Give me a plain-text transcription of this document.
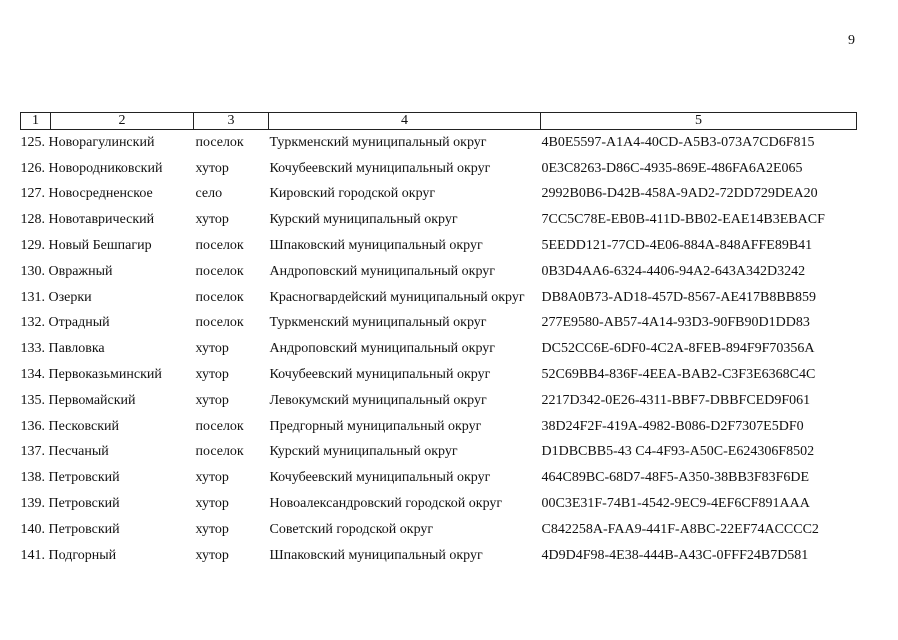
9
1	2	3	4	5
125. Новорагулинский		поселок	Туркменский муниципальный округ	4B0E5597-A1A4-40CD-A5B3-073A7CD6F815
126. Новородниковский		хутор	Кочубеевский муниципальный округ	0E3C8263-D86C-4935-869E-486FA6A2E065
127. Новосредненское		село	Кировский городской округ	2992B0B6-D42B-458A-9AD2-72DD729DEA20
128. Новотаврический		хутор	Курский муниципальный округ	7CC5C78E-EB0B-411D-BB02-EAE14B3EBACF
129. Новый Бешпагир		поселок	Шпаковский муниципальный округ	5EEDD121-77CD-4E06-884A-848AFFE89B41
130. Овражный		поселок	Андроповский муниципальный округ	0B3D4AA6-6324-4406-94A2-643A342D3242
131. Озерки		поселок	Красногвардейский муниципальный округ	DB8A0B73-AD18-457D-8567-AE417B8BB859
132. Отрадный		поселок	Туркменский муниципальный округ	277E9580-AB57-4A14-93D3-90FB90D1DD83
133. Павловка		хутор	Андроповский муниципальный округ	DC52CC6E-6DF0-4C2A-8FEB-894F9F70356A
134. Первоказьминский		хутор	Кочубеевский муниципальный округ	52C69BB4-836F-4EEA-BAB2-C3F3E6368C4C
135. Первомайский		хутор	Левокумский муниципальный округ	2217D342-0E26-4311-BBF7-DBBFCED9F061
136. Песковский		поселок	Предгорный муниципальный округ	38D24F2F-419A-4982-B086-D2F7307E5DF0
137. Песчаный		поселок	Курский муниципальный округ	D1DBCBB5-43 C4-4F93-A50C-E624306F8502
138. Петровский		хутор	Кочубеевский муниципальный округ	464C89BC-68D7-48F5-A350-38BB3F83F6DE
139. Петровский		хутор	Новоалександровский городской округ	00C3E31F-74B1-4542-9EC9-4EF6CF891AAA
140. Петровский		хутор	Советский городской округ	C842258A-FAA9-441F-A8BC-22EF74ACCCC2
141. Подгорный		хутор	Шпаковский муниципальный округ	4D9D4F98-4E38-444B-A43C-0FFF24B7D581
